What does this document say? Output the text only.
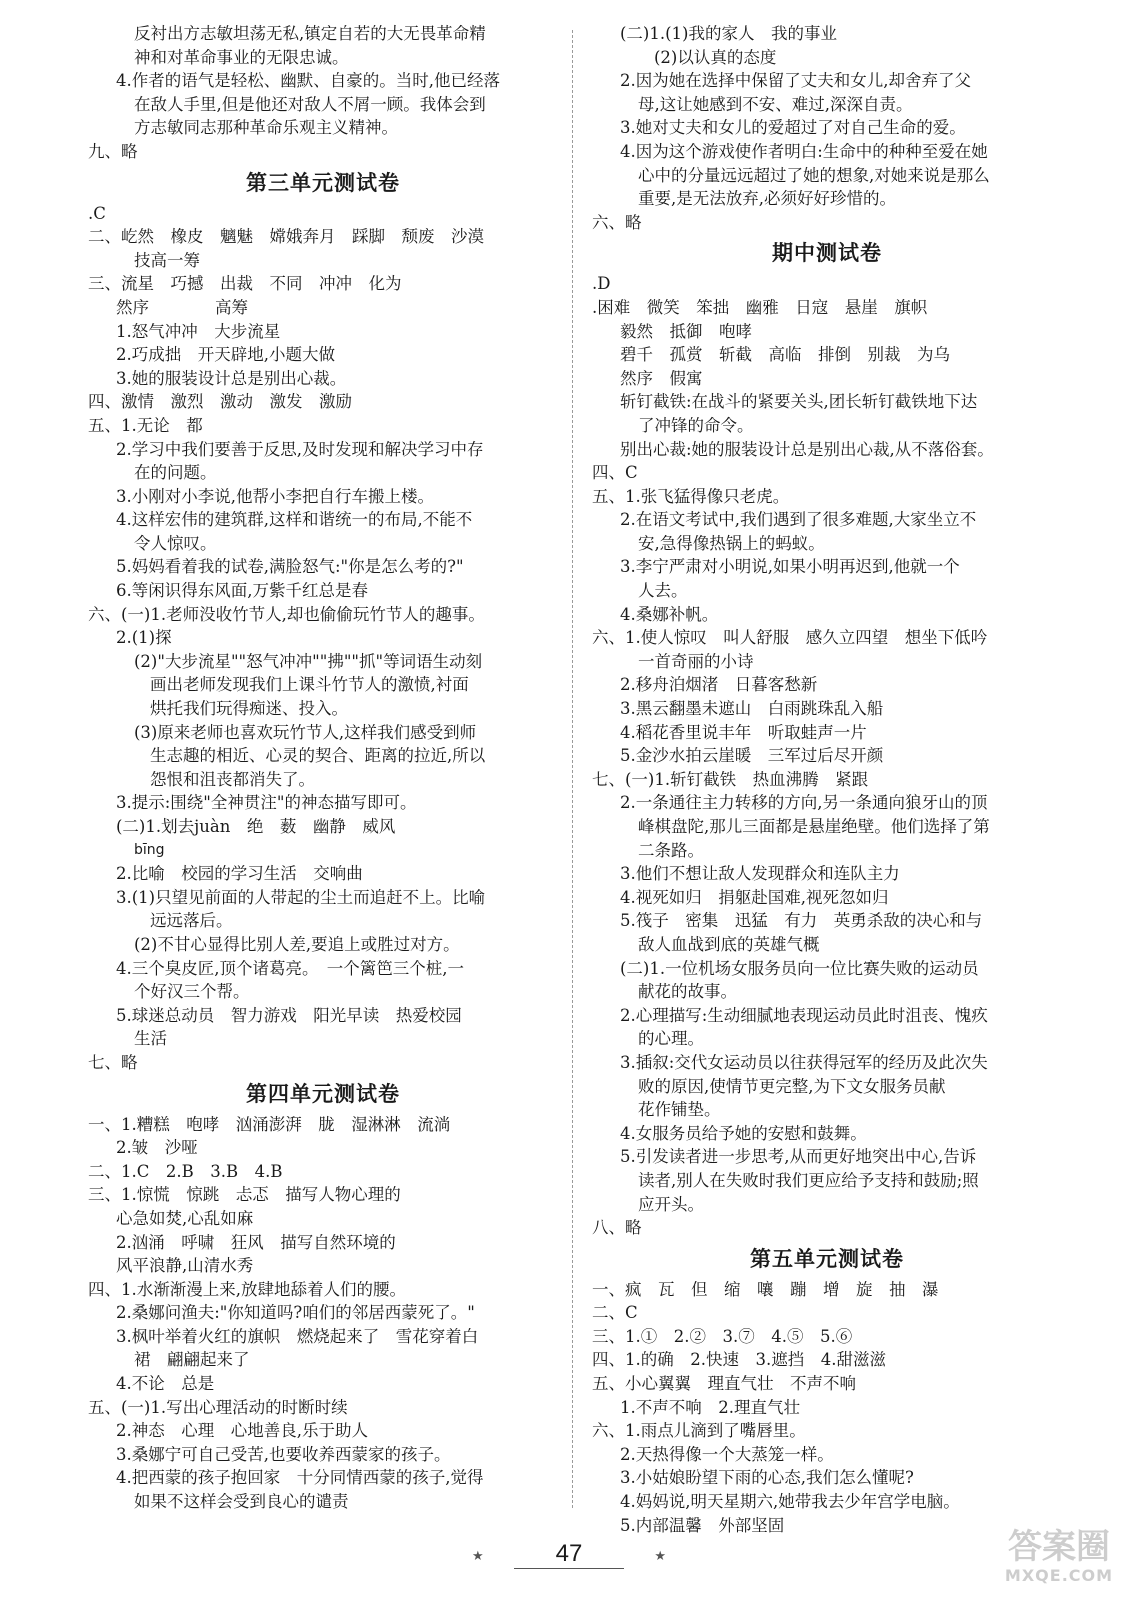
反衬出方志敏坦荡无私,镇定自若的大无畏革命精
神和对革命事业的无限忠诚。
4.作者的语气是轻松、幽默、自豪的。当时,他已经落
在敌人手里,但是他还对敌人不屑一顾。我体会到
方志敏同志那种革命乐观主义精神。
九、略
第三单元测试卷
.C
二、屹然　橡皮　魑魅　嫦娥奔月　踩脚　颓废　沙漠
技高一筹
三、流星　巧撼　出裁　不同　冲冲　化为
然序　　　　高筹
1.怒气冲冲　大步流星
2.巧成拙　开天辟地,小题大做
3.她的服装设计总是别出心裁。
四、激情　激烈　激动　激发　激励
五、1.无论　都
2.学习中我们要善于反思,及时发现和解决学习中存
在的问题。
3.小刚对小李说,他帮小李把自行车搬上楼。
4.这样宏伟的建筑群,这样和谐统一的布局,不能不
令人惊叹。
5.妈妈看着我的试卷,满脸怒气:"你是怎么考的?"
6.等闲识得东风面,万紫千红总是春
六、(一)1.老师没收竹节人,却也偷偷玩竹节人的趣事。
2.(1)探
(2)"大步流星""怒气冲冲""拂""抓"等词语生动刻
画出老师发现我们上课斗竹节人的激愤,衬面
烘托我们玩得痴迷、投入。
(3)原来老师也喜欢玩竹节人,这样我们感受到师
生志趣的相近、心灵的契合、距离的拉近,所以
怨恨和沮丧都消失了。
3.提示:围绕"全神贯注"的神态描写即可。
(二)1.划去juàn　绝　薮　幽静　威风
bīng
2.比喻　校园的学习生活　交响曲
3.(1)只望见前面的人带起的尘土而追赶不上。比喻
远远落后。
(2)不甘心显得比别人差,要追上或胜过对方。
4.三个臭皮匠,顶个诸葛亮。　一个篱笆三个桩,一
个好汉三个帮。
5.球迷总动员　智力游戏　阳光早读　热爱校园
生活
七、略
第四单元测试卷
一、1.糟糕　咆哮　汹涌澎湃　胧　湿淋淋　流淌
2.皱　沙哑
二、1.C　2.B　3.B　4.B
三、1.惊慌　惊跳　忐忑　描写人物心理的
心急如焚,心乱如麻
2.汹涌　呼啸　狂风　描写自然环境的
风平浪静,山清水秀
四、1.水渐渐漫上来,放肆地舔着人们的腰。
2.桑娜问渔夫:"你知道吗?咱们的邻居西蒙死了。"
3.枫叶举着火红的旗帜　燃烧起来了　雪花穿着白
裙　翩翩起来了
4.不论　总是
五、(一)1.写出心理活动的时断时续
2.神态　心理　心地善良,乐于助人
3.桑娜宁可自己受苦,也要收养西蒙家的孩子。
4.把西蒙的孩子抱回家　十分同情西蒙的孩子,觉得
如果不这样会受到良心的谴责
(二)1.(1)我的家人　我的事业
(2)以认真的态度
2.因为她在选择中保留了丈夫和女儿,却舍弃了父
母,这让她感到不安、难过,深深自责。
3.她对丈夫和女儿的爱超过了对自己生命的爱。
4.因为这个游戏使作者明白:生命中的种种至爱在她
心中的分量远远超过了她的想象,对她来说是那么
重要,是无法放弃,必须好好珍惜的。
六、略
期中测试卷
.D
.困难　微笑　笨拙　幽雅　日寇　悬崖　旗帜
毅然　抵御　咆哮
碧千　孤赏　斩截　高临　排倒　别裁　为乌
然序　假寓
斩钉截铁:在战斗的紧要关头,团长斩钉截铁地下达
了冲锋的命令。
别出心裁:她的服装设计总是别出心裁,从不落俗套。
四、C
五、1.张飞猛得像只老虎。
2.在语文考试中,我们遇到了很多难题,大家坐立不
安,急得像热锅上的蚂蚁。
3.李宁严肃对小明说,如果小明再迟到,他就一个
人去。
4.桑娜补帆。
六、1.使人惊叹　叫人舒服　感久立四望　想坐下低吟
一首奇丽的小诗
2.移舟泊烟渚　日暮客愁新
3.黑云翻墨未遮山　白雨跳珠乱入船
4.稻花香里说丰年　听取蛙声一片
5.金沙水拍云崖暖　三军过后尽开颜
七、(一)1.斩钉截铁　热血沸腾　紧跟
2.一条通往主力转移的方向,另一条通向狼牙山的顶
峰棋盘陀,那儿三面都是悬崖绝壁。他们选择了第
二条路。
3.他们不想让敌人发现群众和连队主力
4.视死如归　捐躯赴国难,视死忽如归
5.筏子　密集　迅猛　有力　英勇杀敌的决心和与
敌人血战到底的英雄气概
(二)1.一位机场女服务员向一位比赛失败的运动员
献花的故事。
2.心理描写:生动细腻地表现运动员此时沮丧、愧疚
的心理。
3.插叙:交代女运动员以往获得冠军的经历及此次失
败的原因,使情节更完整,为下文女服务员献
花作铺垫。
4.女服务员给予她的安慰和鼓舞。
5.引发读者进一步思考,从而更好地突出中心,告诉
读者,别人在失败时我们更应给予支持和鼓励;照
应开头。
八、略
第五单元测试卷
一、疯　瓦　但　缩　嚷　蹦　增　旋　抽　瀑
二、C
三、1.①　2.②　3.⑦　4.⑤　5.⑥
四、1.的确　2.快速　3.遮挡　4.甜滋滋
五、小心翼翼　理直气壮　不声不响
1.不声不响　2.理直气壮
六、1.雨点儿滴到了嘴唇里。
2.天热得像一个大蒸笼一样。
3.小姑娘盼望下雨的心态,我们怎么懂呢?
4.妈妈说,明天星期六,她带我去少年宫学电脑。
5.内部温馨　外部坚固
★	47	★	答案圈
MXQE.COM
